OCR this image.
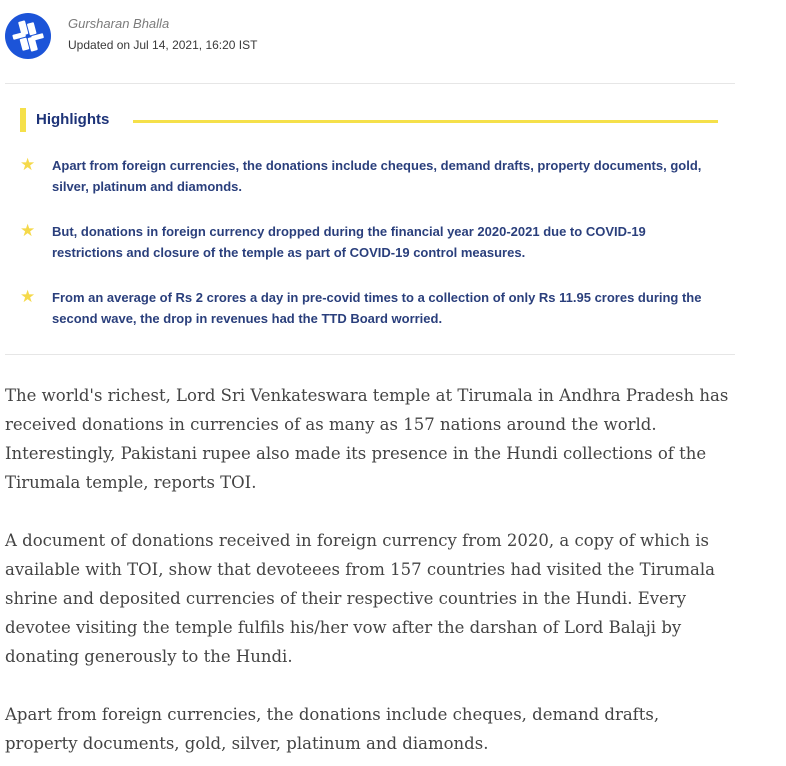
Gursharan Bhalla
Updated on Jul 14, 2021, 16:20 IST
Highlights
★ Apart from foreign currencies, the donations include cheques, demand drafts, property documents, gold, silver, platinum and diamonds.
★ But, donations in foreign currency dropped during the financial year 2020-2021 due to COVID-19 restrictions and closure of the temple as part of COVID-19 control measures.
★ From an average of Rs 2 crores a day in pre-covid times to a collection of only Rs 11.95 crores during the second wave, the drop in revenues had the TTD Board worried.

The world's richest, Lord Sri Venkateswara temple at Tirumala in Andhra Pradesh has received donations in currencies of as many as 157 nations around the world. Interestingly, Pakistani rupee also made its presence in the Hundi collections of the Tirumala temple, reports TOI.

A document of donations received in foreign currency from 2020, a copy of which is available with TOI, show that devoteees from 157 countries had visited the Tirumala shrine and deposited currencies of their respective countries in the Hundi. Every devotee visiting the temple fulfils his/her vow after the darshan of Lord Balaji by donating generously to the Hundi.

Apart from foreign currencies, the donations include cheques, demand drafts, property documents, gold, silver, platinum and diamonds.
